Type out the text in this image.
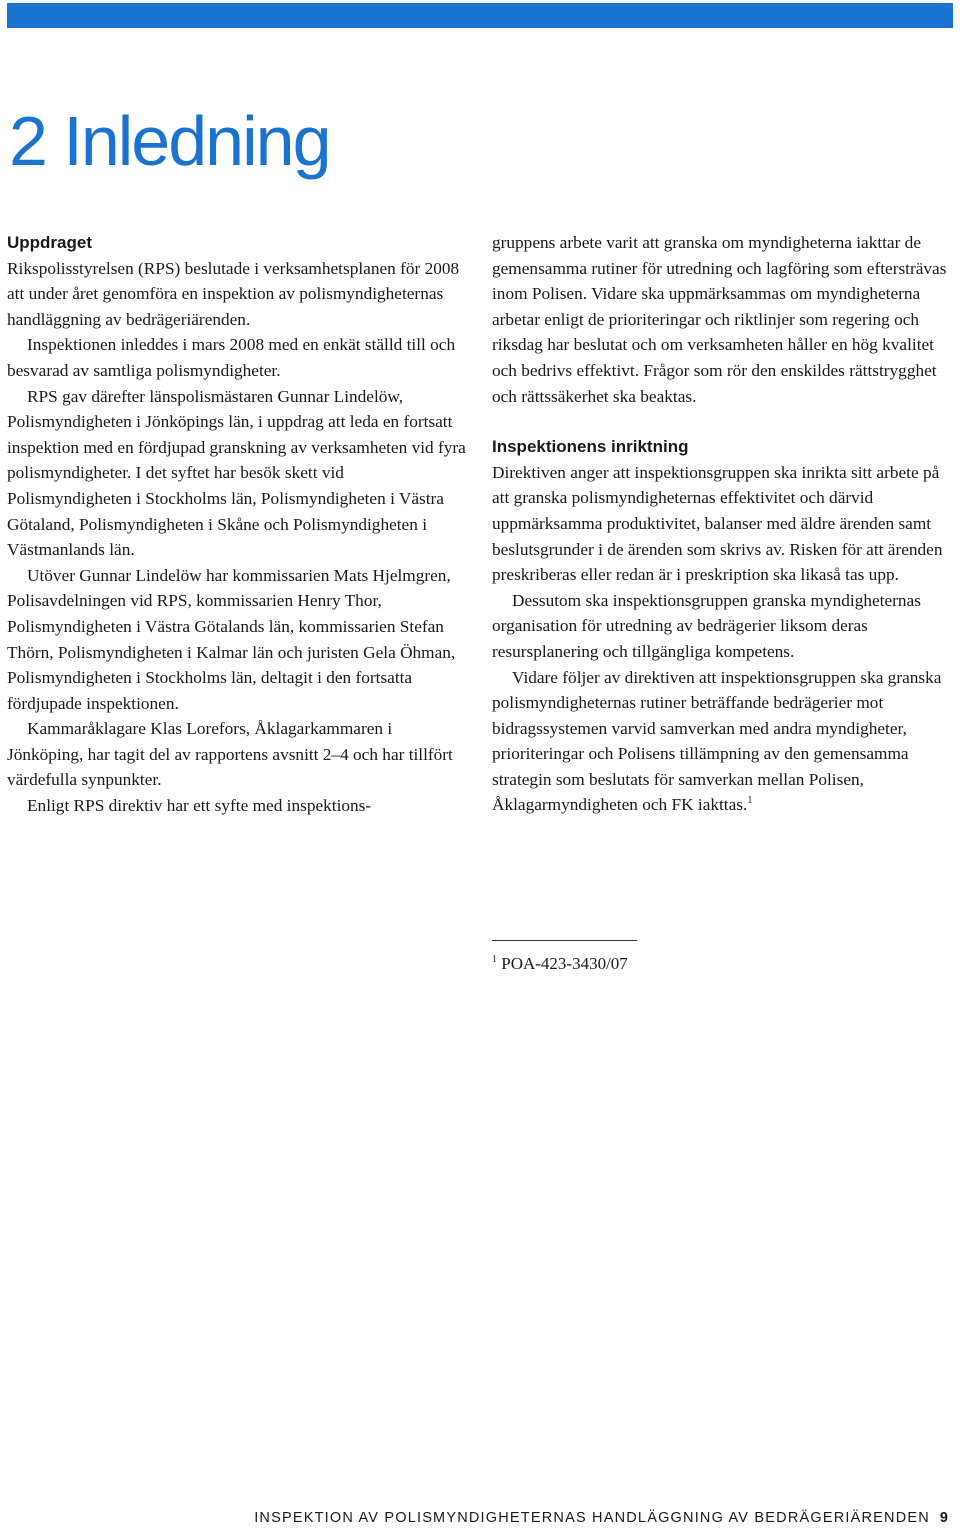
2 Inledning
Uppdraget

Rikspolisstyrelsen (RPS) beslutade i verksamhetsplanen för 2008 att under året genomföra en inspektion av polismyndigheternas handläggning av bedrägeriärenden.

Inspektionen inleddes i mars 2008 med en enkät ställd till och besvarad av samtliga polismyndigheter.

RPS gav därefter länspolismästaren Gunnar Lindelöw, Polismyndigheten i Jönköpings län, i uppdrag att leda en fortsatt inspektion med en fördjupad granskning av verksamheten vid fyra polismyndigheter. I det syftet har besök skett vid Polismyndigheten i Stockholms län, Polismyndigheten i Västra Götaland, Polismyndigheten i Skåne och Polismyndigheten i Västmanlands län.

Utöver Gunnar Lindelöw har kommissarien Mats Hjelmgren, Polisavdelningen vid RPS, kommissarien Henry Thor, Polismyndigheten i Västra Götalands län, kommissarien Stefan Thörn, Polismyndigheten i Kalmar län och juristen Gela Öhman, Polismyndigheten i Stockholms län, deltagit i den fortsatta fördjupade inspektionen.

Kammaråklagare Klas Lorefors, Åklagarkammaren i Jönköping, har tagit del av rapportens avsnitt 2–4 och har tillfört värdefulla synpunkter.

Enligt RPS direktiv har ett syfte med inspektions-

gruppens arbete varit att granska om myndigheterna iakttar de gemensamma rutiner för utredning och lagföring som eftersträvas inom Polisen. Vidare ska uppmärksammas om myndigheterna arbetar enligt de prioriteringar och riktlinjer som regering och riksdag har beslutat och om verksamheten håller en hög kvalitet och bedrivs effektivt. Frågor som rör den enskildes rättstrygghet och rättssäkerhet ska beaktas.

Inspektionens inriktning

Direktiven anger att inspektionsgruppen ska inrikta sitt arbete på att granska polismyndigheternas effektivitet och därvid uppmärksamma produktivitet, balanser med äldre ärenden samt beslutsgrunder i de ärenden som skrivs av. Risken för att ärenden preskriberas eller redan är i preskription ska likaså tas upp.

Dessutom ska inspektionsgruppen granska myndigheternas organisation för utredning av bedrägerier liksom deras resursplanering och tillgängliga kompetens.

Vidare följer av direktiven att inspektionsgruppen ska granska polismyndigheternas rutiner beträffande bedrägerier mot bidragssystemen varvid samverkan med andra myndigheter, prioriteringar och Polisens tillämpning av den gemensamma strategin som beslutats för samverkan mellan Polisen, Åklagarmyndigheten och FK iakttas.$^1$

$^1$ POA-423-3430/07
INSPEKTION AV POLISMYNDIGHETERNAS HANDLÄGGNING AV BEDRÄGERIÄRENDEN 9
